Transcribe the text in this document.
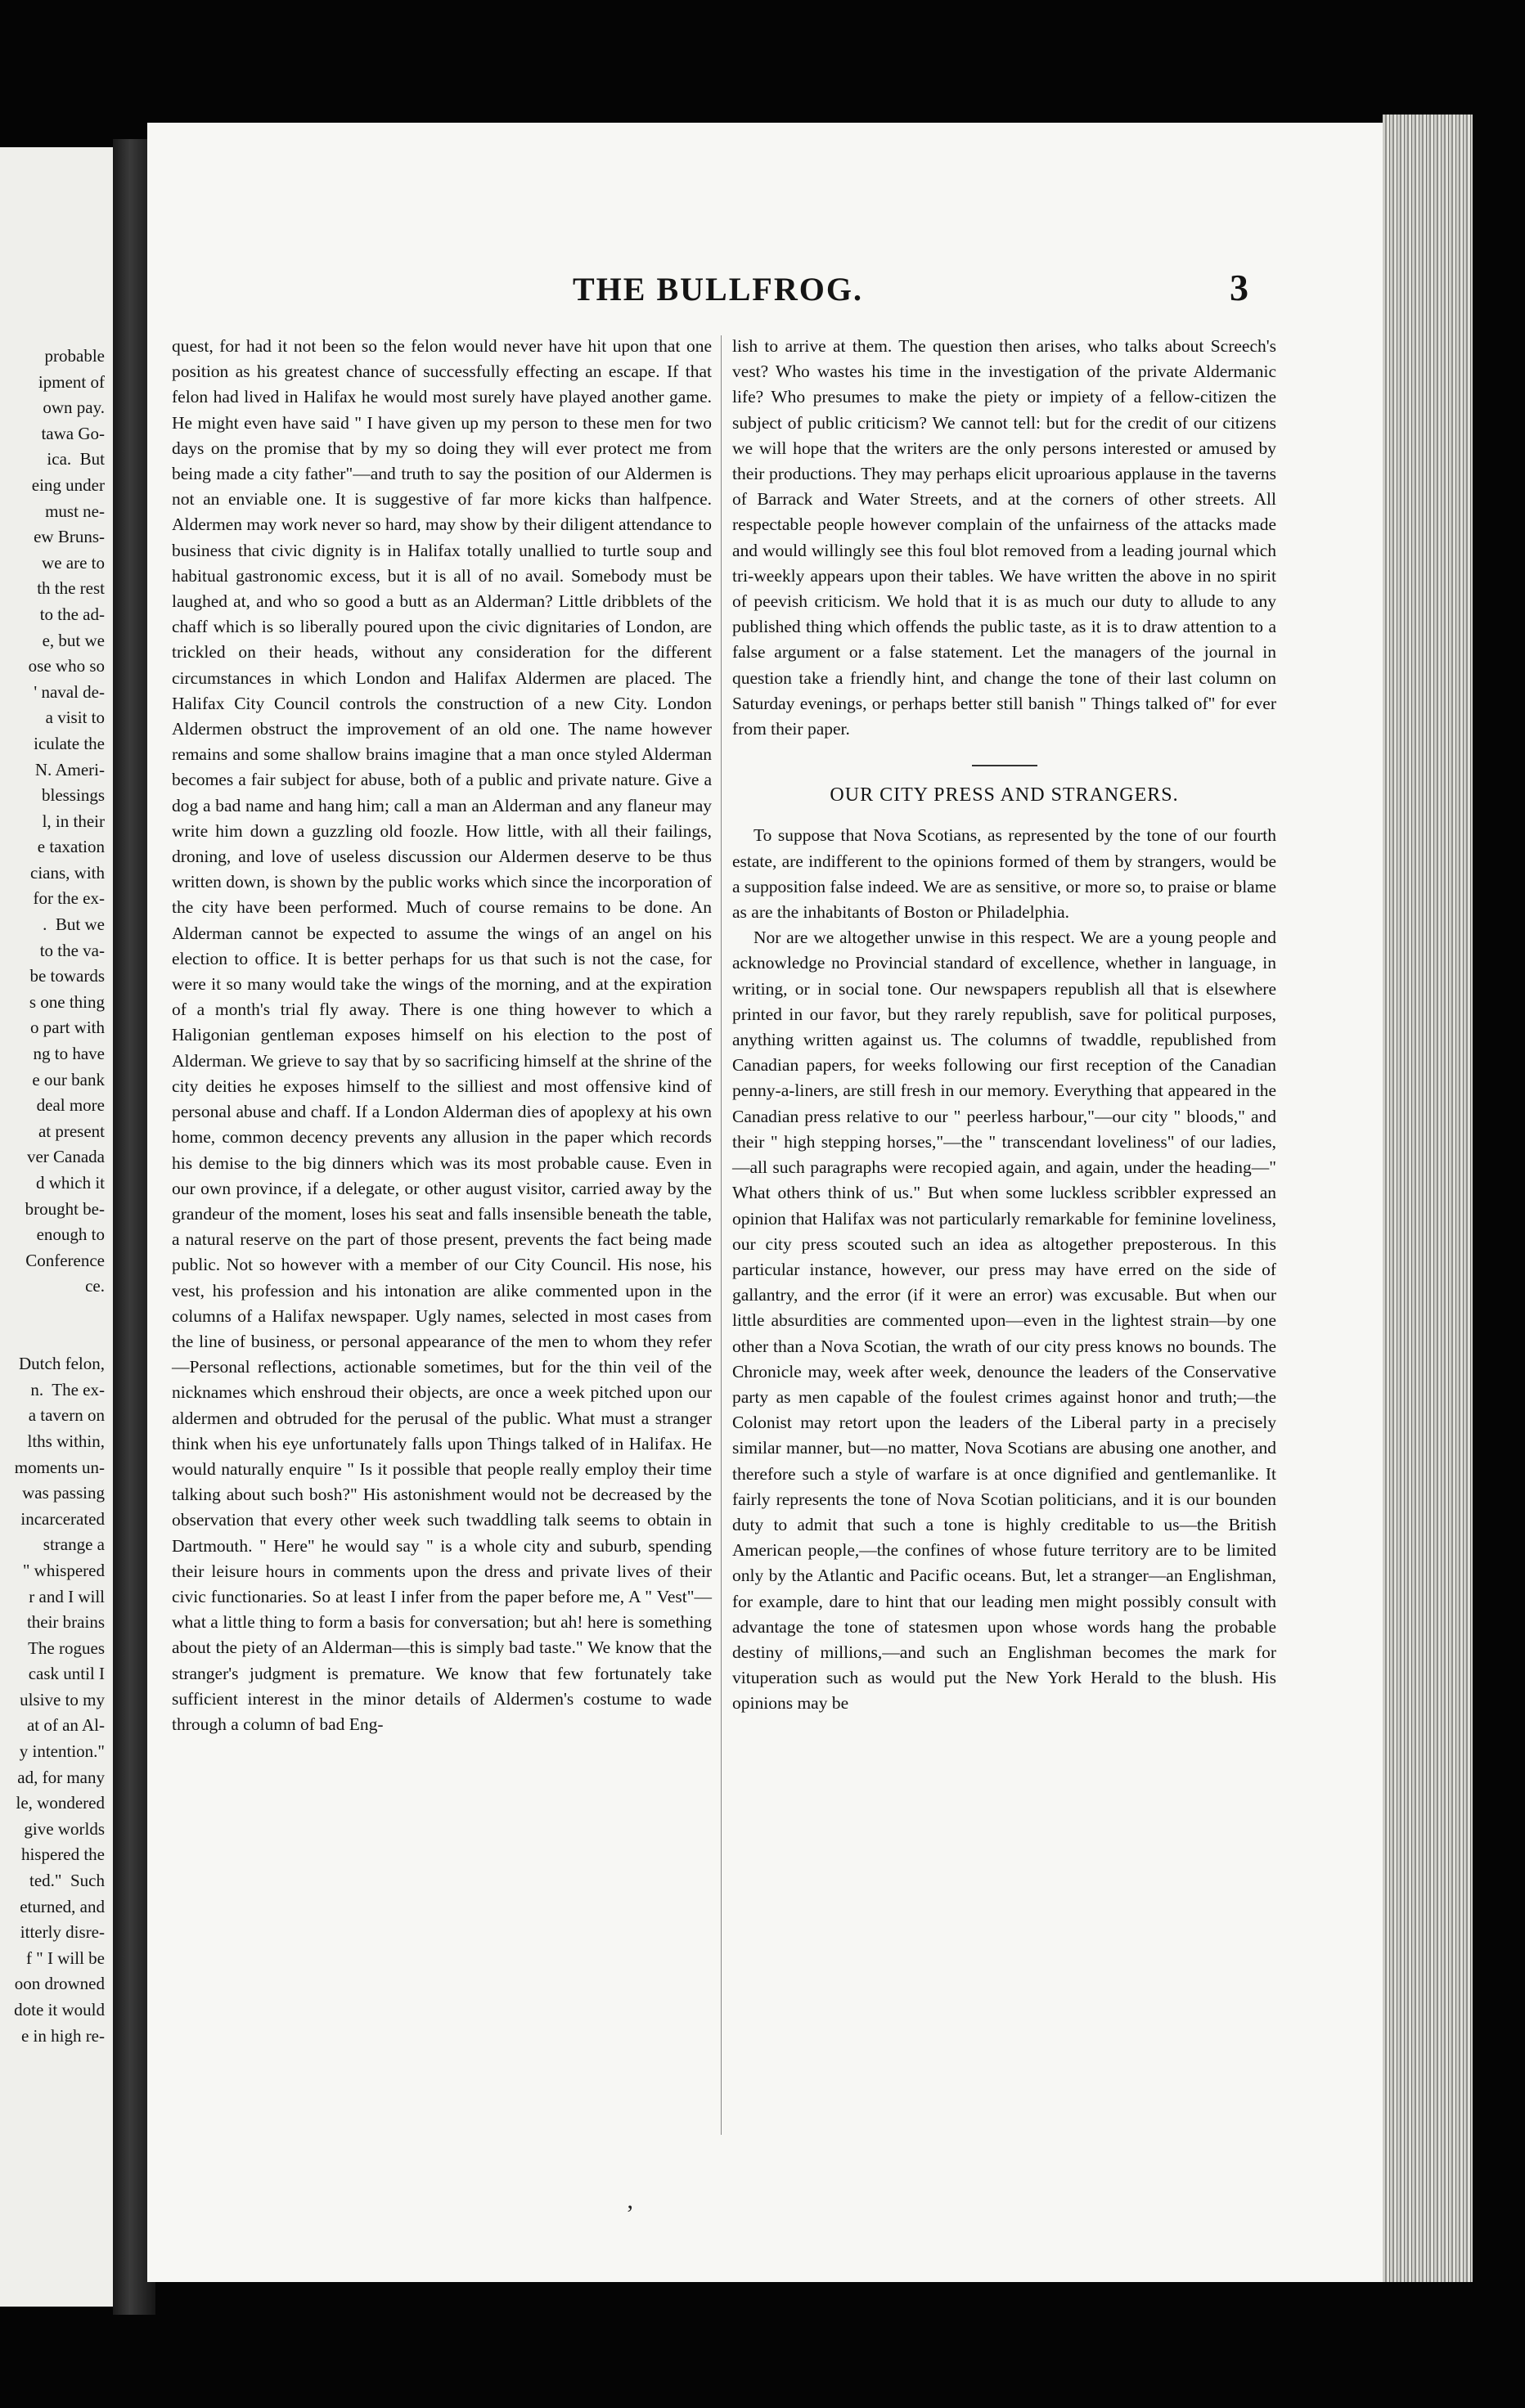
probable
ipment of
own pay.
tawa Go-
ica.  But
eing under
must ne-
ew Bruns-
we are to
th the rest
to the ad-
e, but we
ose who so
' naval de-
a visit to
iculate the
N. Ameri-
blessings
l, in their
e taxation
cians, with
for the ex-
.  But we
to the va-
be towards
s one thing
o part with
ng to have
e our bank
deal more
at present
ver Canada
d which it
brought be-
enough to
Conference
ce.

Dutch felon,
n.  The ex-
a tavern on
lths within,
moments un-
was passing
incarcerated
strange a
" whispered
r and I will
their brains
The rogues
cask until I
ulsive to my
at of an Al-
y intention."
ad, for many
le, wondered
give worlds
hispered the
ted."  Such
eturned, and
itterly disre-
f " I will be
oon drowned
dote it would
e in high re-
THE BULLFROG.	3

quest, for had it not been so the felon would never have hit upon that one position as his greatest chance of successfully effecting an escape. If that felon had lived in Halifax he would most surely have played another game. He might even have said " I have given up my person to these men for two days on the promise that by my so doing they will ever protect me from being made a city father"—and truth to say the position of our Aldermen is not an enviable one. It is suggestive of far more kicks than halfpence. Aldermen may work never so hard, may show by their diligent attendance to business that civic dignity is in Halifax totally unallied to turtle soup and habitual gastronomic excess, but it is all of no avail. Somebody must be laughed at, and who so good a butt as an Alderman? Little dribblets of the chaff which is so liberally poured upon the civic dignitaries of London, are trickled on their heads, without any consideration for the different circumstances in which London and Halifax Aldermen are placed. The Halifax City Council controls the construction of a new City. London Aldermen obstruct the improvement of an old one. The name however remains and some shallow brains imagine that a man once styled Alderman becomes a fair subject for abuse, both of a public and private nature. Give a dog a bad name and hang him; call a man an Alderman and any flaneur may write him down a guzzling old foozle. How little, with all their failings, droning, and love of useless discussion our Aldermen deserve to be thus written down, is shown by the public works which since the incorporation of the city have been performed. Much of course remains to be done. An Alderman cannot be expected to assume the wings of an angel on his election to office. It is better perhaps for us that such is not the case, for were it so many would take the wings of the morning, and at the expiration of a month's trial fly away. There is one thing however to which a Haligonian gentleman exposes himself on his election to the post of Alderman. We grieve to say that by so sacrificing himself at the shrine of the city deities he exposes himself to the silliest and most offensive kind of personal abuse and chaff. If a London Alderman dies of apoplexy at his own home, common decency prevents any allusion in the paper which records his demise to the big dinners which was its most probable cause. Even in our own province, if a delegate, or other august visitor, carried away by the grandeur of the moment, loses his seat and falls insensible beneath the table, a natural reserve on the part of those present, prevents the fact being made public. Not so however with a member of our City Council. His nose, his vest, his profession and his intonation are alike commented upon in the columns of a Halifax newspaper. Ugly names, selected in most cases from the line of business, or personal appearance of the men to whom they refer—Personal reflections, actionable sometimes, but for the thin veil of the nicknames which enshroud their objects, are once a week pitched upon our aldermen and obtruded for the perusal of the public. What must a stranger think when his eye unfortunately falls upon Things talked of in Halifax. He would naturally enquire " Is it possible that people really employ their time talking about such bosh?" His astonishment would not be decreased by the observation that every other week such twaddling talk seems to obtain in Dartmouth. " Here" he would say " is a whole city and suburb, spending their leisure hours in comments upon the dress and private lives of their civic functionaries. So at least I infer from the paper before me, A " Vest"—what a little thing to form a basis for conversation; but ah! here is something about the piety of an Alderman—this is simply bad taste." We know that the stranger's judgment is premature. We know that few fortunately take sufficient interest in the minor details of Aldermen's costume to wade through a column of bad Eng-

lish to arrive at them. The question then arises, who talks about Screech's vest? Who wastes his time in the investigation of the private Aldermanic life? Who presumes to make the piety or impiety of a fellow-citizen the subject of public criticism? We cannot tell: but for the credit of our citizens we will hope that the writers are the only persons interested or amused by their productions. They may perhaps elicit uproarious applause in the taverns of Barrack and Water Streets, and at the corners of other streets. All respectable people however complain of the unfairness of the attacks made and would willingly see this foul blot removed from a leading journal which tri-weekly appears upon their tables. We have written the above in no spirit of peevish criticism. We hold that it is as much our duty to allude to any published thing which offends the public taste, as it is to draw attention to a false argument or a false statement. Let the managers of the journal in question take a friendly hint, and change the tone of their last column on Saturday evenings, or perhaps better still banish " Things talked of" for ever from their paper.

OUR CITY PRESS AND STRANGERS.

To suppose that Nova Scotians, as represented by the tone of our fourth estate, are indifferent to the opinions formed of them by strangers, would be a supposition false indeed. We are as sensitive, or more so, to praise or blame as are the inhabitants of Boston or Philadelphia.

Nor are we altogether unwise in this respect. We are a young people and acknowledge no Provincial standard of excellence, whether in language, in writing, or in social tone. Our newspapers republish all that is elsewhere printed in our favor, but they rarely republish, save for political purposes, anything written against us. The columns of twaddle, republished from Canadian papers, for weeks following our first reception of the Canadian penny-a-liners, are still fresh in our memory. Everything that appeared in the Canadian press relative to our " peerless harbour,"—our city " bloods," and their " high stepping horses,"—the " transcendant loveliness" of our ladies,—all such paragraphs were recopied again, and again, under the heading—" What others think of us." But when some luckless scribbler expressed an opinion that Halifax was not particularly remarkable for feminine loveliness, our city press scouted such an idea as altogether preposterous. In this particular instance, however, our press may have erred on the side of gallantry, and the error (if it were an error) was excusable. But when our little absurdities are commented upon—even in the lightest strain—by one other than a Nova Scotian, the wrath of our city press knows no bounds. The Chronicle may, week after week, denounce the leaders of the Conservative party as men capable of the foulest crimes against honor and truth;—the Colonist may retort upon the leaders of the Liberal party in a precisely similar manner, but—no matter, Nova Scotians are abusing one another, and therefore such a style of warfare is at once dignified and gentlemanlike. It fairly represents the tone of Nova Scotian politicians, and it is our bounden duty to admit that such a tone is highly creditable to us—the British American people,—the confines of whose future territory are to be limited only by the Atlantic and Pacific oceans. But, let a stranger—an Englishman, for example, dare to hint that our leading men might possibly consult with advantage the tone of statesmen upon whose words hang the probable destiny of millions,—and such an Englishman becomes the mark for vituperation such as would put the New York Herald to the blush. His opinions may be

’
